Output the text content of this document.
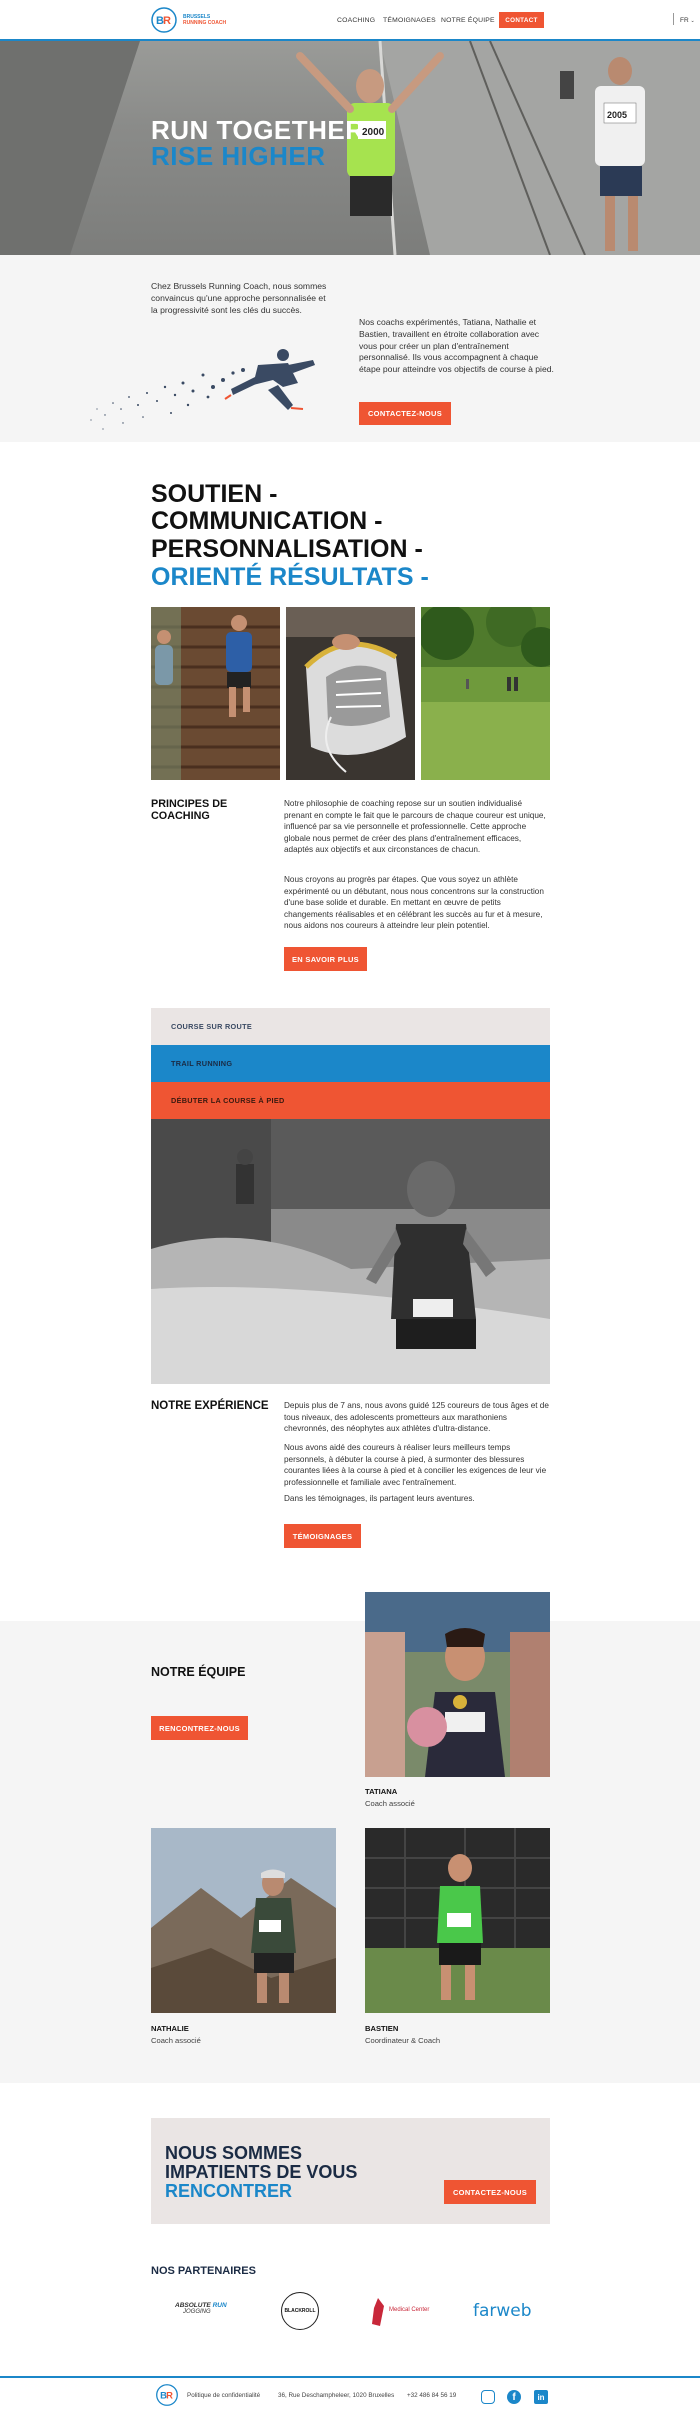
B R BRUSSELS
RUNNING COACH	COACHING TÉMOIGNAGES NOTRE ÉQUIPE	CONTACT	FR ⌄
2000
2005
RUN TOGETHER
RISE HIGHER
Chez Brussels Running Coach, nous sommes convaincus qu'une approche personnalisée et la progressivité sont les clés du succès.
Nos coachs expérimentés, Tatiana, Nathalie et Bastien, travaillent en étroite collaboration avec vous pour créer un plan d'entraînement personnalisé. Ils vous accompagnent à chaque étape pour atteindre vos objectifs de course à pied.
CONTACTEZ-NOUS
SOUTIEN -
COMMUNICATION -
PERSONNALISATION -
ORIENTÉ RÉSULTATS -
PRINCIPES DE
COACHING
Notre philosophie de coaching repose sur un soutien individualisé prenant en compte le fait que le parcours de chaque coureur est unique, influencé par sa vie personnelle et professionnelle. Cette approche globale nous permet de créer des plans d'entraînement efficaces, adaptés aux objectifs et aux circonstances de chacun.
Nous croyons au progrès par étapes. Que vous soyez un athlète expérimenté ou un débutant, nous nous concentrons sur la construction d'une base solide et durable. En mettant en œuvre de petits changements réalisables et en célébrant les succès au fur et à mesure, nous aidons nos coureurs à atteindre leur plein potentiel.
EN SAVOIR PLUS
COURSE SUR ROUTE
TRAIL RUNNING
DÉBUTER LA COURSE À PIED
NOTRE EXPÉRIENCE Depuis plus de 7 ans, nous avons guidé 125 coureurs de tous âges et de tous niveaux, des adolescents prometteurs aux marathoniens chevronnés, des néophytes aux athlètes d'ultra-distance.
Nous avons aidé des coureurs à réaliser leurs meilleurs temps personnels, à débuter la course à pied, à surmonter des blessures courantes liées à la course à pied et à concilier les exigences de leur vie professionnelle et familiale avec l'entraînement.
Dans les témoignages, ils partagent leurs aventures.
TÉMOIGNAGES
NOTRE ÉQUIPE
RENCONTREZ-NOUS
TATIANA
Coach associé
NATHALIE
Coach associé
BASTIEN
Coordinateur & Coach
NOUS SOMMES
IMPATIENTS DE VOUS
RENCONTRER	CONTACTEZ-NOUS
NOS PARTENAIRES
ABSOLUTE RUN
JOGGING	BLACKROLL	Medical Center	farweb
B R Politique de confidentialité	36, Rue Deschampheleer, 1020 Bruxelles +32 486 84 56 19	f	in
